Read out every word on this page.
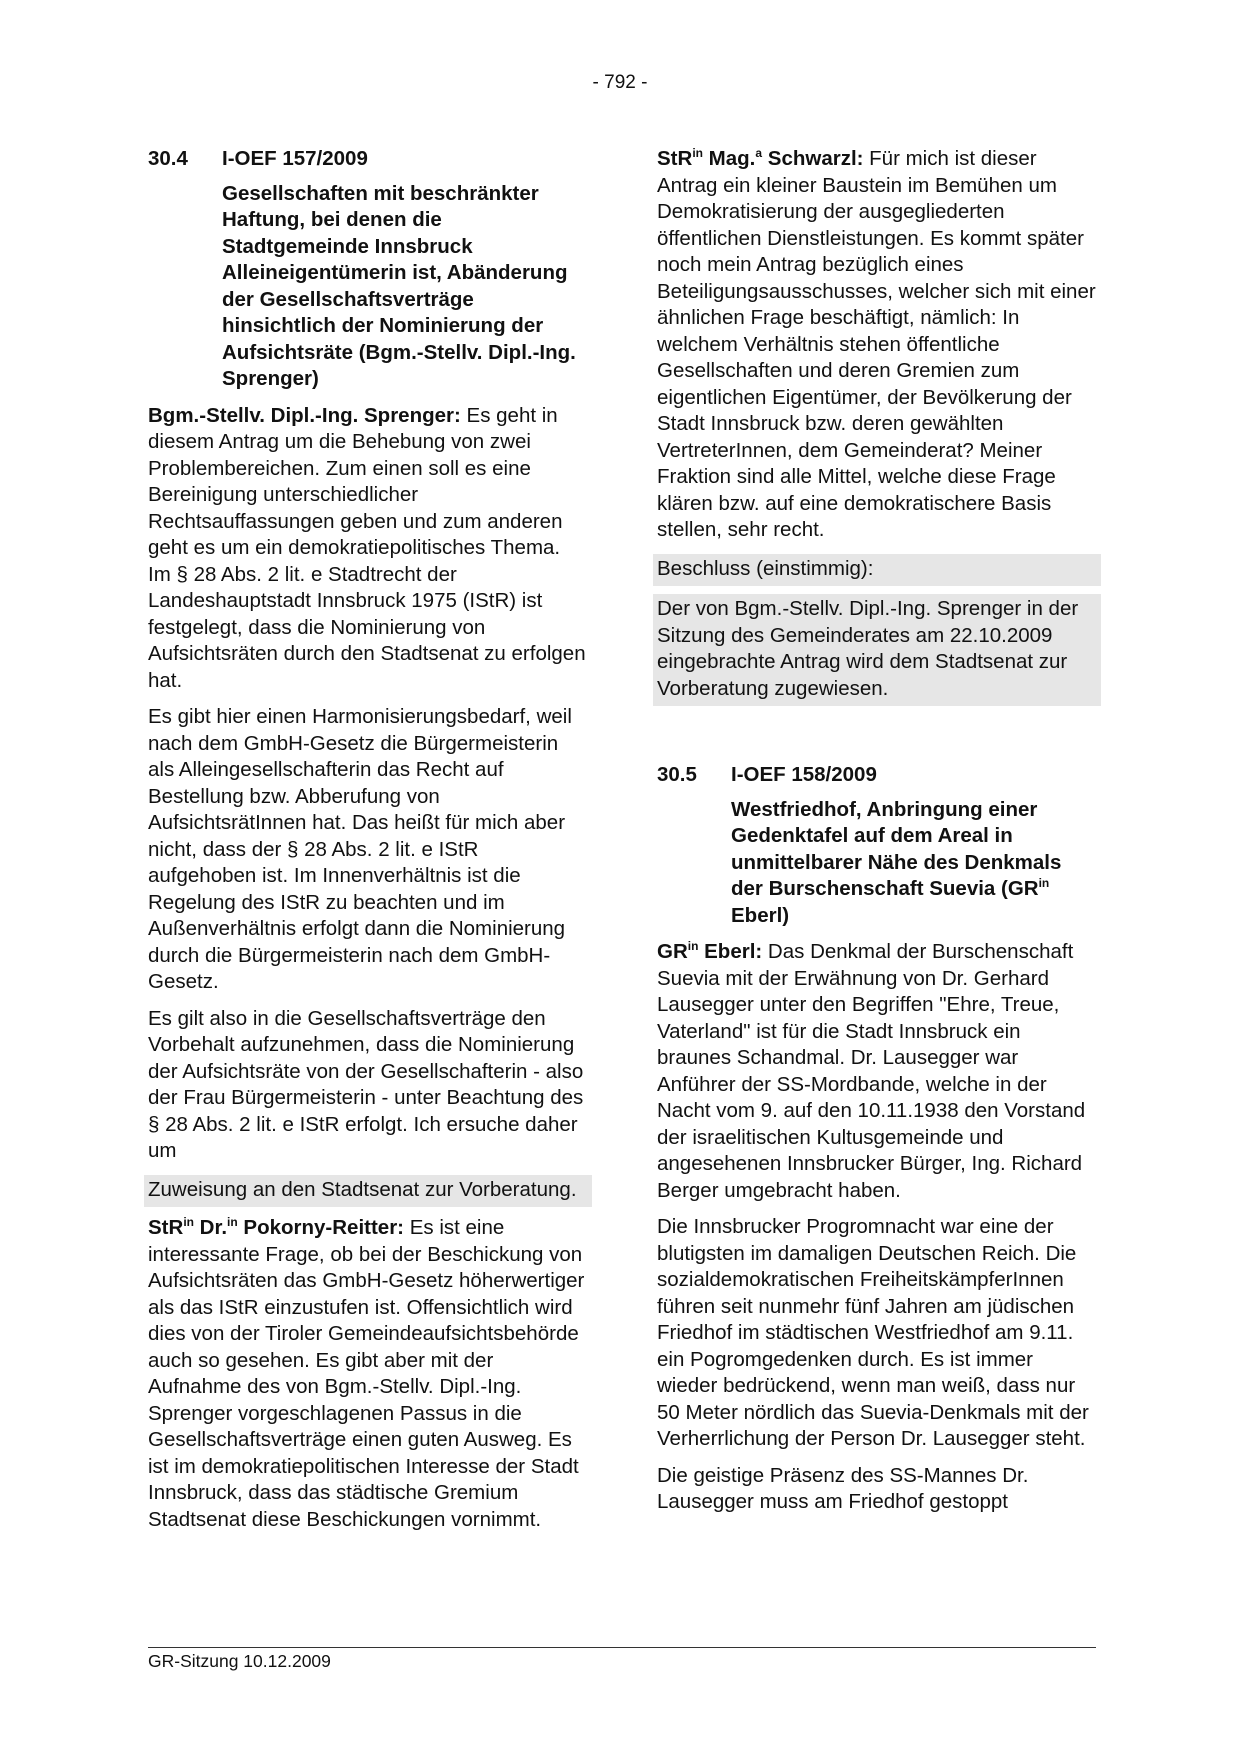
- 792 -
30.4	I-OEF 157/2009
Gesellschaften mit beschränkter Haftung, bei denen die Stadtgemeinde Innsbruck Alleineigentümerin ist, Abänderung der Gesellschaftsverträge hinsichtlich der Nominierung der Aufsichtsräte (Bgm.-Stellv. Dipl.-Ing. Sprenger)

Bgm.-Stellv. Dipl.-Ing. Sprenger: Es geht in diesem Antrag um die Behebung von zwei Problembereichen. Zum einen soll es eine Bereinigung unterschiedlicher Rechtsauffassungen geben und zum anderen geht es um ein demokratiepolitisches Thema. Im § 28 Abs. 2 lit. e Stadtrecht der Landeshauptstadt Innsbruck 1975 (IStR) ist festgelegt, dass die Nominierung von Aufsichtsräten durch den Stadtsenat zu erfolgen hat.

Es gibt hier einen Harmonisierungsbedarf, weil nach dem GmbH-Gesetz die Bürgermeisterin als Alleingesellschafterin das Recht auf Bestellung bzw. Abberufung von AufsichtsrätInnen hat. Das heißt für mich aber nicht, dass der § 28 Abs. 2 lit. e IStR aufgehoben ist. Im Innenverhältnis ist die Regelung des IStR zu beachten und im Außenverhältnis erfolgt dann die Nominierung durch die Bürgermeisterin nach dem GmbH-Gesetz.

Es gilt also in die Gesellschaftsverträge den Vorbehalt aufzunehmen, dass die Nominierung der Aufsichtsräte von der Gesellschafterin - also der Frau Bürgermeisterin - unter Beachtung des § 28 Abs. 2 lit. e IStR erfolgt. Ich ersuche daher um

Zuweisung an den Stadtsenat zur Vorberatung.

StR$^{in}$ Dr.$^{in}$ Pokorny-Reitter: Es ist eine interessante Frage, ob bei der Beschickung von Aufsichtsräten das GmbH-Gesetz höherwertiger als das IStR einzustufen ist. Offensichtlich wird dies von der Tiroler Gemeindeaufsichtsbehörde auch so gesehen. Es gibt aber mit der Aufnahme des von Bgm.-Stellv. Dipl.-Ing. Sprenger vorgeschlagenen Passus in die Gesellschaftsverträge einen guten Ausweg. Es ist im demokratiepolitischen Interesse der Stadt Innsbruck, dass das städtische Gremium Stadtsenat diese Beschickungen vornimmt.

StR$^{in}$ Mag.$^a$ Schwarzl: Für mich ist dieser Antrag ein kleiner Baustein im Bemühen um Demokratisierung der ausgegliederten öffentlichen Dienstleistungen. Es kommt später noch mein Antrag bezüglich eines Beteiligungsausschusses, welcher sich mit einer ähnlichen Frage beschäftigt, nämlich: In welchem Verhältnis stehen öffentliche Gesellschaften und deren Gremien zum eigentlichen Eigentümer, der Bevölkerung der Stadt Innsbruck bzw. deren gewählten VertreterInnen, dem Gemeinderat? Meiner Fraktion sind alle Mittel, welche diese Frage klären bzw. auf eine demokratischere Basis stellen, sehr recht.

Beschluss (einstimmig):
Der von Bgm.-Stellv. Dipl.-Ing. Sprenger in der Sitzung des Gemeinderates am 22.10.2009 eingebrachte Antrag wird dem Stadtsenat zur Vorberatung zugewiesen.
30.5	I-OEF 158/2009
Westfriedhof, Anbringung einer Gedenktafel auf dem Areal in unmittelbarer Nähe des Denkmals der Burschenschaft Suevia ($GR^{in}$ Eberl)

$GR^{in}$ Eberl: Das Denkmal der Burschenschaft Suevia mit der Erwähnung von Dr. Gerhard Lausegger unter den Begriffen "Ehre, Treue, Vaterland" ist für die Stadt Innsbruck ein braunes Schandmal. Dr. Lausegger war Anführer der SS-Mordbande, welche in der Nacht vom 9. auf den 10.11.1938 den Vorstand der israelitischen Kultusgemeinde und angesehenen Innsbrucker Bürger, Ing. Richard Berger umgebracht haben.

Die Innsbrucker Progromnacht war eine der blutigsten im damaligen Deutschen Reich. Die sozialdemokratischen FreiheitskämpferInnen führen seit nunmehr fünf Jahren am jüdischen Friedhof im städtischen Westfriedhof am 9.11. ein Pogromgedenken durch. Es ist immer wieder bedrückend, wenn man weiß, dass nur 50 Meter nördlich das Suevia-Denkmals mit der Verherrlichung der Person Dr. Lausegger steht.

Die geistige Präsenz des SS-Mannes Dr. Lausegger muss am Friedhof gestoppt

GR-Sitzung 10.12.2009
